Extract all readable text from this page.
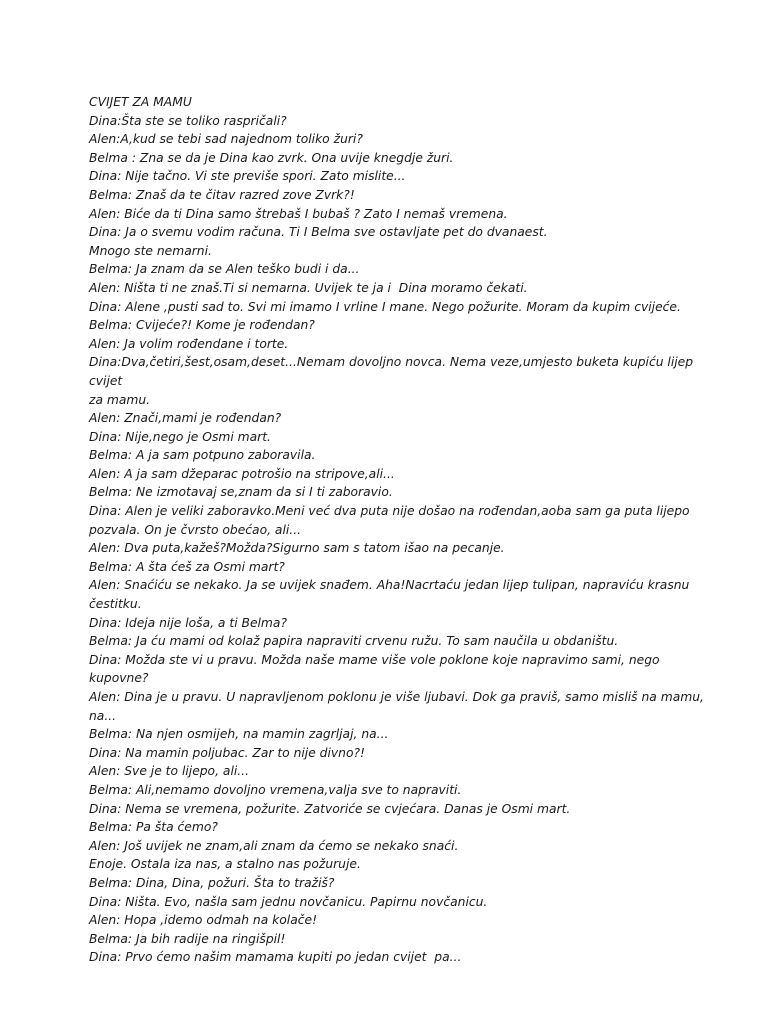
CVIJET ZA MAMU
Dina:Šta ste se toliko raspričali?
Alen:A,kud se tebi sad najednom toliko žuri?
Belma : Zna se da je Dina kao zvrk. Ona uvije knegdje žuri.
Dina: Nije tačno. Vi ste previše spori. Zato mislite...
Belma: Znaš da te čitav razred zove Zvrk?!
Alen: Biće da ti Dina samo štrebaš I bubaš ? Zato I nemaš vremena.
Dina: Ja o svemu vodim računa. Ti I Belma sve ostavljate pet do dvanaest.
Mnogo ste nemarni.
Belma: Ja znam da se Alen teško budi i da...
Alen: Ništa ti ne znaš.Ti si nemarna. Uvijek te ja i  Dina moramo čekati.
Dina: Alene ,pusti sad to. Svi mi imamo I vrline I mane. Nego požurite. Moram da kupim cvijeće.
Belma: Cvijeće?! Kome je rođendan?
Alen: Ja volim rođendane i torte.
Dina:Dva,četiri,šest,osam,deset...Nemam dovoljno novca. Nema veze,umjesto buketa kupiću lijep cvijet
za mamu.
Alen: Znači,mami je rođendan?
Dina: Nije,nego je Osmi mart.
Belma: A ja sam potpuno zaboravila.
Alen: A ja sam džeparac potrošio na stripove,ali...
Belma: Ne izmotavaj se,znam da si I ti zaboravio.
Dina: Alen je veliki zaboravko.Meni već dva puta nije došao na rođendan,aoba sam ga puta lijepo
pozvala. On je čvrsto obećao, ali...
Alen: Dva puta,kažeš?Možda?Sigurno sam s tatom išao na pecanje.
Belma: A šta ćeš za Osmi mart?
Alen: Snaćiću se nekako. Ja se uvijek snađem. Aha!Nacrtaću jedan lijep tulipan, napraviću krasnu
čestitku.
Dina: Ideja nije loša, a ti Belma?
Belma: Ja ću mami od kolaž papira napraviti crvenu ružu. To sam naučila u obdaništu.
Dina: Možda ste vi u pravu. Možda naše mame više vole poklone koje napravimo sami, nego kupovne?
Alen: Dina je u pravu. U napravljenom poklonu je više ljubavi. Dok ga praviš, samo misliš na mamu, na...
Belma: Na njen osmijeh, na mamin zagrljaj, na...
Dina: Na mamin poljubac. Zar to nije divno?!
Alen: Sve je to lijepo, ali...
Belma: Ali,nemamo dovoljno vremena,valja sve to napraviti.
Dina: Nema se vremena, požurite. Zatvoriće se cvjećara. Danas je Osmi mart.
Belma: Pa šta ćemo?
Alen: Još uvijek ne znam,ali znam da ćemo se nekako snaći.
Enoje. Ostala iza nas, a stalno nas požuruje.
Belma: Dina, Dina, požuri. Šta to tražiš?
Dina: Ništa. Evo, našla sam jednu novčanicu. Papirnu novčanicu.
Alen: Hopa ,idemo odmah na kolače!
Belma: Ja bih radije na ringišpil!
Dina: Prvo ćemo našim mamama kupiti po jedan cvijet  pa...
